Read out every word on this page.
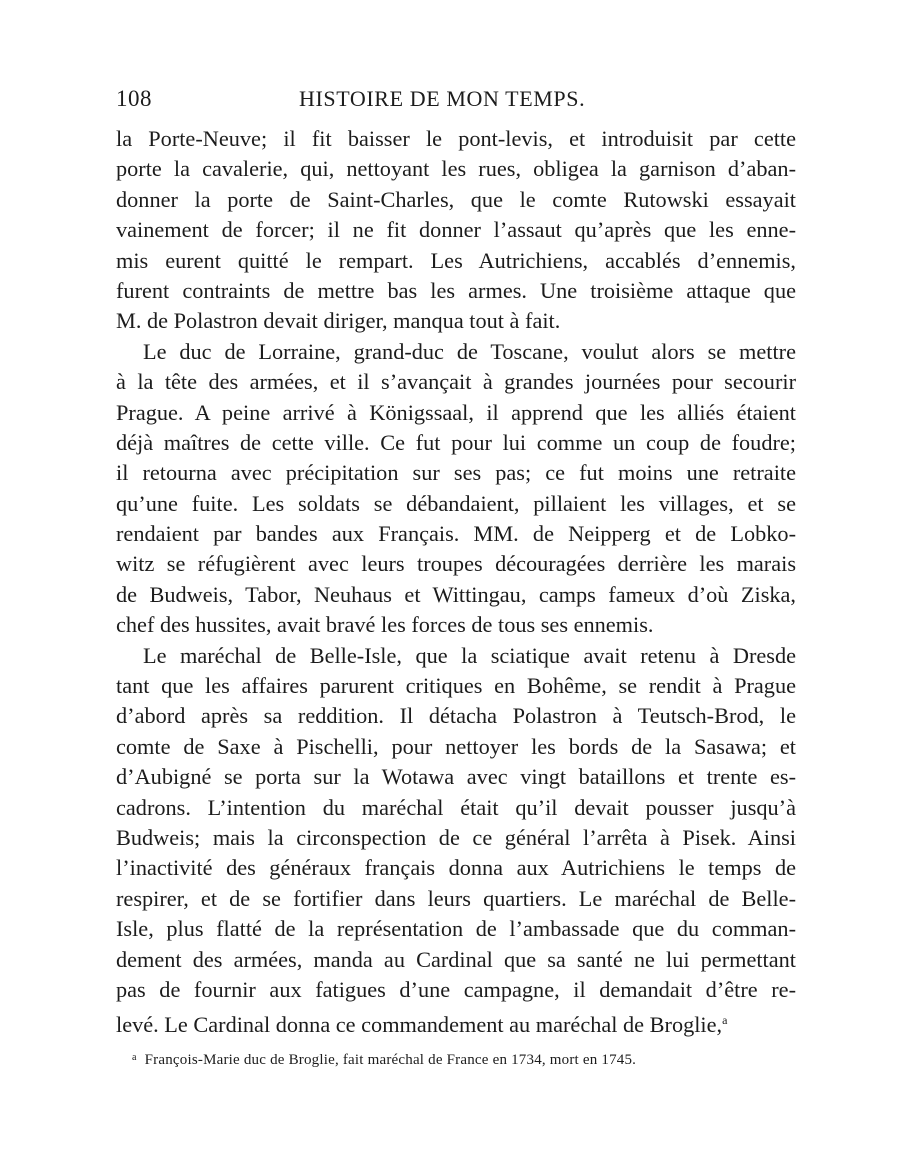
108	HISTOIRE DE MON TEMPS.
la Porte-Neuve; il fit baisser le pont-levis, et introduisit par cette
porte la cavalerie, qui, nettoyant les rues, obligea la garnison d’aban-
donner la porte de Saint-Charles, que le comte Rutowski essayait
vainement de forcer; il ne fit donner l’assaut qu’après que les enne-
mis eurent quitté le rempart. Les Autrichiens, accablés d’ennemis,
furent contraints de mettre bas les armes. Une troisième attaque que
M. de Polastron devait diriger, manqua tout à fait.
Le duc de Lorraine, grand-duc de Toscane, voulut alors se mettre
à la tête des armées, et il s’avançait à grandes journées pour secourir
Prague. A peine arrivé à Königssaal, il apprend que les alliés étaient
déjà maîtres de cette ville. Ce fut pour lui comme un coup de foudre;
il retourna avec précipitation sur ses pas; ce fut moins une retraite
qu’une fuite. Les soldats se débandaient, pillaient les villages, et se
rendaient par bandes aux Français. MM. de Neipperg et de Lobko-
witz se réfugièrent avec leurs troupes découragées derrière les marais
de Budweis, Tabor, Neuhaus et Wittingau, camps fameux d’où Ziska,
chef des hussites, avait bravé les forces de tous ses ennemis.
Le maréchal de Belle-Isle, que la sciatique avait retenu à Dresde
tant que les affaires parurent critiques en Bohême, se rendit à Prague
d’abord après sa reddition. Il détacha Polastron à Teutsch-Brod, le
comte de Saxe à Pischelli, pour nettoyer les bords de la Sasawa; et
d’Aubigné se porta sur la Wotawa avec vingt bataillons et trente es-
cadrons. L’intention du maréchal était qu’il devait pousser jusqu’à
Budweis; mais la circonspection de ce général l’arrêta à Pisek. Ainsi
l’inactivité des généraux français donna aux Autrichiens le temps de
respirer, et de se fortifier dans leurs quartiers. Le maréchal de Belle-
Isle, plus flatté de la représentation de l’ambassade que du comman-
dement des armées, manda au Cardinal que sa santé ne lui permettant
pas de fournir aux fatigues d’une campagne, il demandait d’être re-
levé. Le Cardinal donna ce commandement au maréchal de Broglie,$^a$
$^a$ François-Marie duc de Broglie, fait maréchal de France en 1734, mort en 1745.
